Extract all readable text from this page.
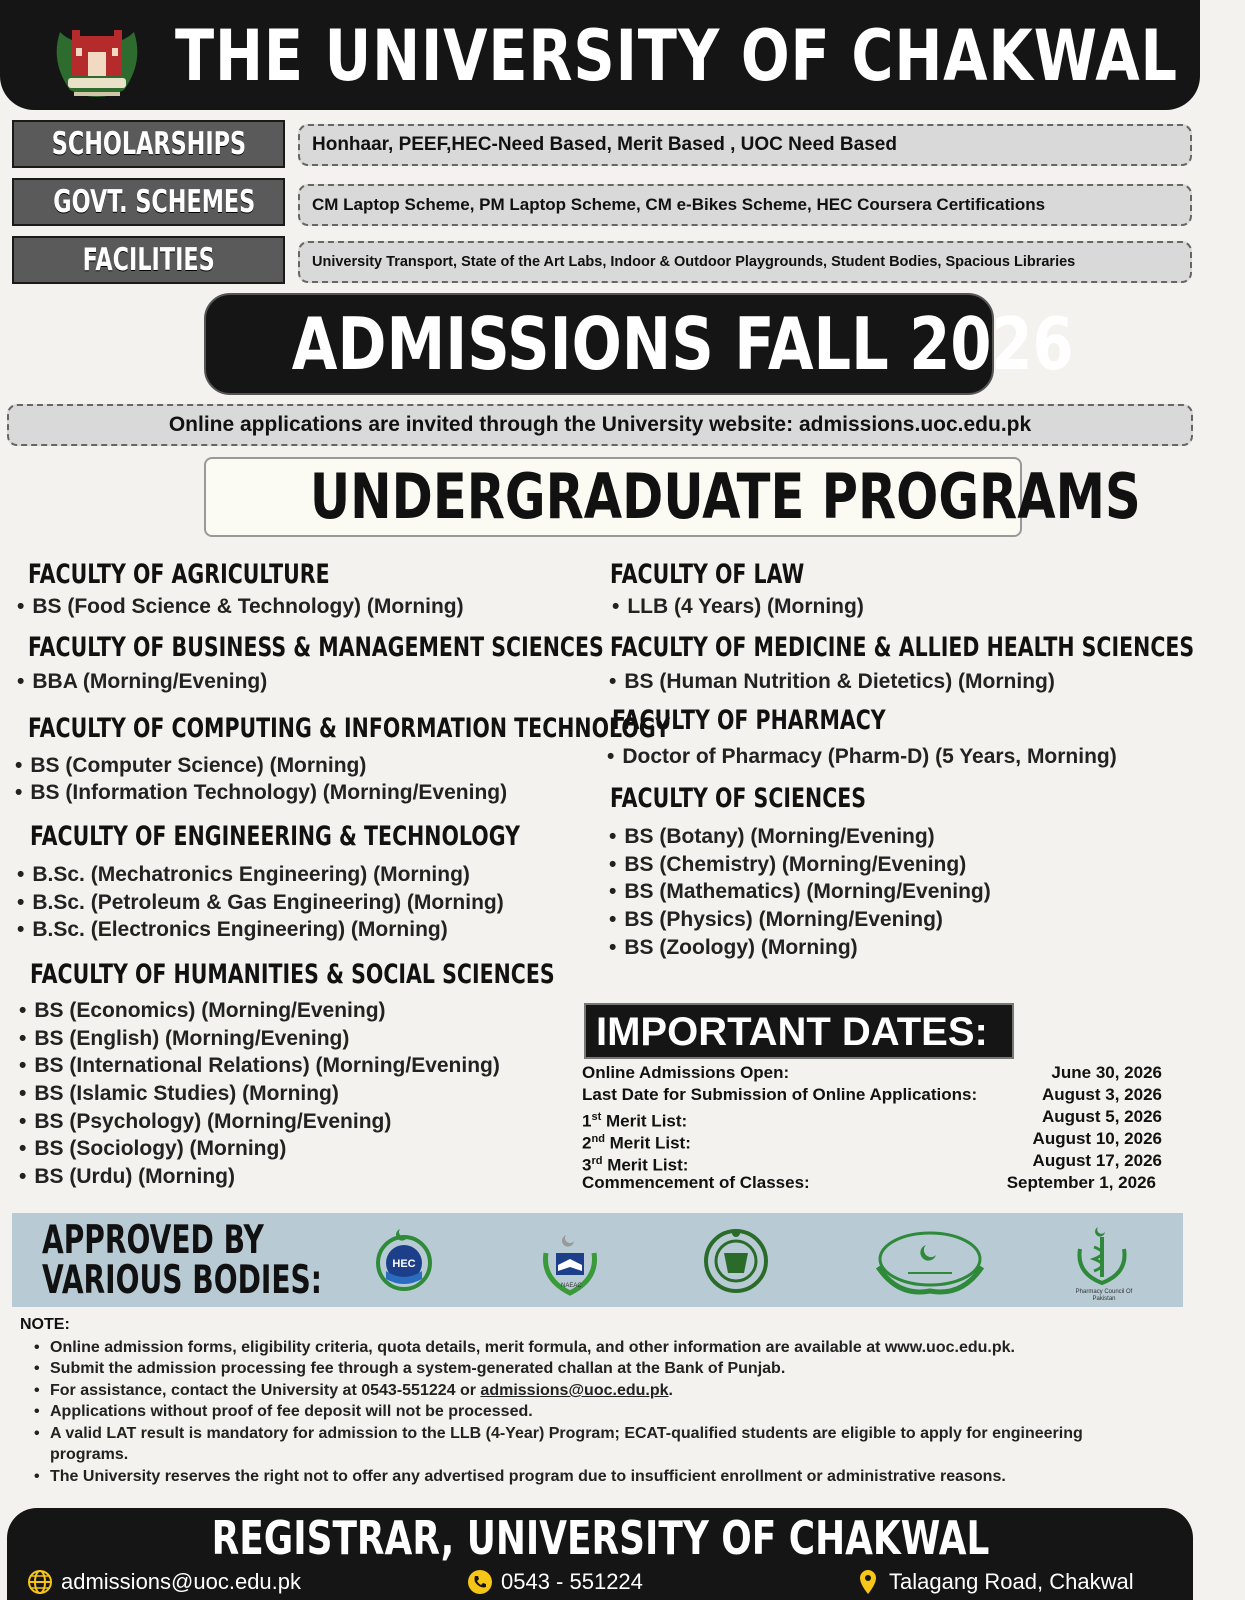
THE UNIVERSITY OF CHAKWAL
SCHOLARSHIPS	Honhaar, PEEF,HEC-Need Based, Merit Based , UOC Need Based
GOVT. SCHEMES	CM Laptop Scheme, PM Laptop Scheme, CM e-Bikes Scheme, HEC Coursera Certifications
FACILITIES	University Transport, State of the Art Labs, Indoor & Outdoor Playgrounds, Student Bodies, Spacious Libraries
ADMISSIONS FALL 2026
Online applications are invited through the University website: admissions.uoc.edu.pk
UNDERGRADUATE PROGRAMS
FACULTY OF AGRICULTURE
• BS (Food Science & Technology) (Morning)
FACULTY OF BUSINESS & MANAGEMENT SCIENCES
• BBA (Morning/Evening)
FACULTY OF COMPUTING & INFORMATION TECHNOLOGY
• BS (Computer Science) (Morning)
• BS (Information Technology) (Morning/Evening)
FACULTY OF ENGINEERING & TECHNOLOGY
• B.Sc. (Mechatronics Engineering) (Morning)
• B.Sc. (Petroleum & Gas Engineering) (Morning)
• B.Sc. (Electronics Engineering) (Morning)
FACULTY OF HUMANITIES & SOCIAL SCIENCES
• BS (Economics) (Morning/Evening)
• BS (English) (Morning/Evening)
• BS (International Relations) (Morning/Evening)
• BS (Islamic Studies) (Morning)
• BS (Psychology) (Morning/Evening)
• BS (Sociology) (Morning)
• BS (Urdu) (Morning)
FACULTY OF LAW
• LLB (4 Years) (Morning)
FACULTY OF MEDICINE & ALLIED HEALTH SCIENCES
• BS (Human Nutrition & Dietetics) (Morning)
FACULTY OF PHARMACY
• Doctor of Pharmacy (Pharm-D) (5 Years, Morning)
FACULTY OF SCIENCES
• BS (Botany) (Morning/Evening)
• BS (Chemistry) (Morning/Evening)
• BS (Mathematics) (Morning/Evening)
• BS (Physics) (Morning/Evening)
• BS (Zoology) (Morning)
IMPORTANT DATES:
Online Admissions Open:	June 30, 2026
Last Date for Submission of Online Applications:	August 3, 2026
1st Merit List:	August 5, 2026
2nd Merit List:	August 10, 2026
3rd Merit List:	August 17, 2026
Commencement of Classes:	September 1, 2026
APPROVED BY
VARIOUS BODIES:	HEC
NAEAC
Pharmacy Council Of Pakistan
NOTE:
• Online admission forms, eligibility criteria, quota details, merit formula, and other information are available at www.uoc.edu.pk.
• Submit the admission processing fee through a system-generated challan at the Bank of Punjab.
• For assistance, contact the University at 0543-551224 or admissions@uoc.edu.pk.
• Applications without proof of fee deposit will not be processed.
• A valid LAT result is mandatory for admission to the LLB (4-Year) Program; ECAT-qualified students are eligible to apply for engineering programs.
• The University reserves the right not to offer any advertised program due to insufficient enrollment or administrative reasons.
REGISTRAR, UNIVERSITY OF CHAKWAL
admissions@uoc.edu.pk	0543 - 551224	Talagang Road, Chakwal
